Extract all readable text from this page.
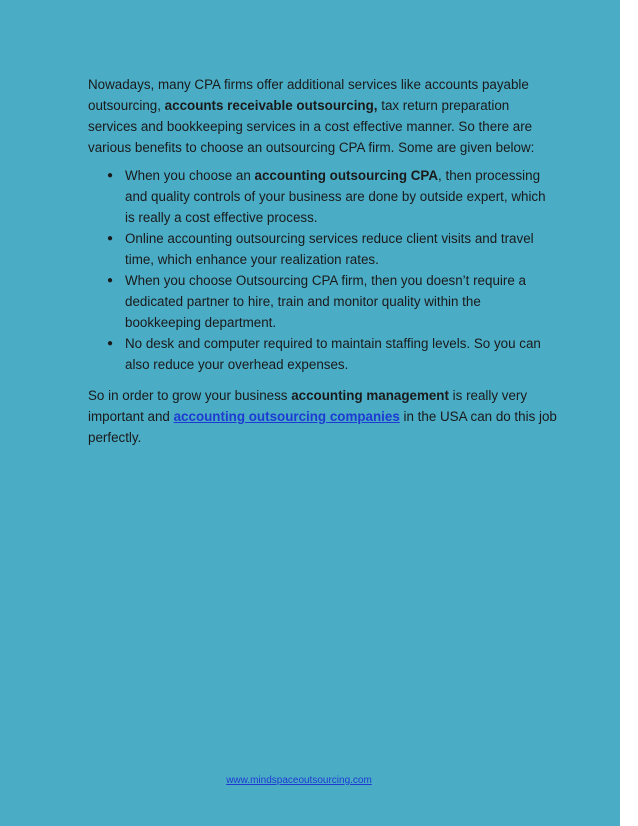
Nowadays, many CPA firms offer additional services like accounts payable outsourcing, accounts receivable outsourcing, tax return preparation services and bookkeeping services in a cost effective manner. So there are various benefits to choose an outsourcing CPA firm. Some are given below:

● When you choose an accounting outsourcing CPA, then processing and quality controls of your business are done by outside expert, which is really a cost effective process.
● Online accounting outsourcing services reduce client visits and travel time, which enhance your realization rates.
● When you choose Outsourcing CPA firm, then you doesn’t require a dedicated partner to hire, train and monitor quality within the bookkeeping department.
● No desk and computer required to maintain staffing levels. So you can also reduce your overhead expenses.

So in order to grow your business accounting management is really very important and accounting outsourcing companies in the USA can do this job perfectly.

www.mindspaceoutsourcing.com
